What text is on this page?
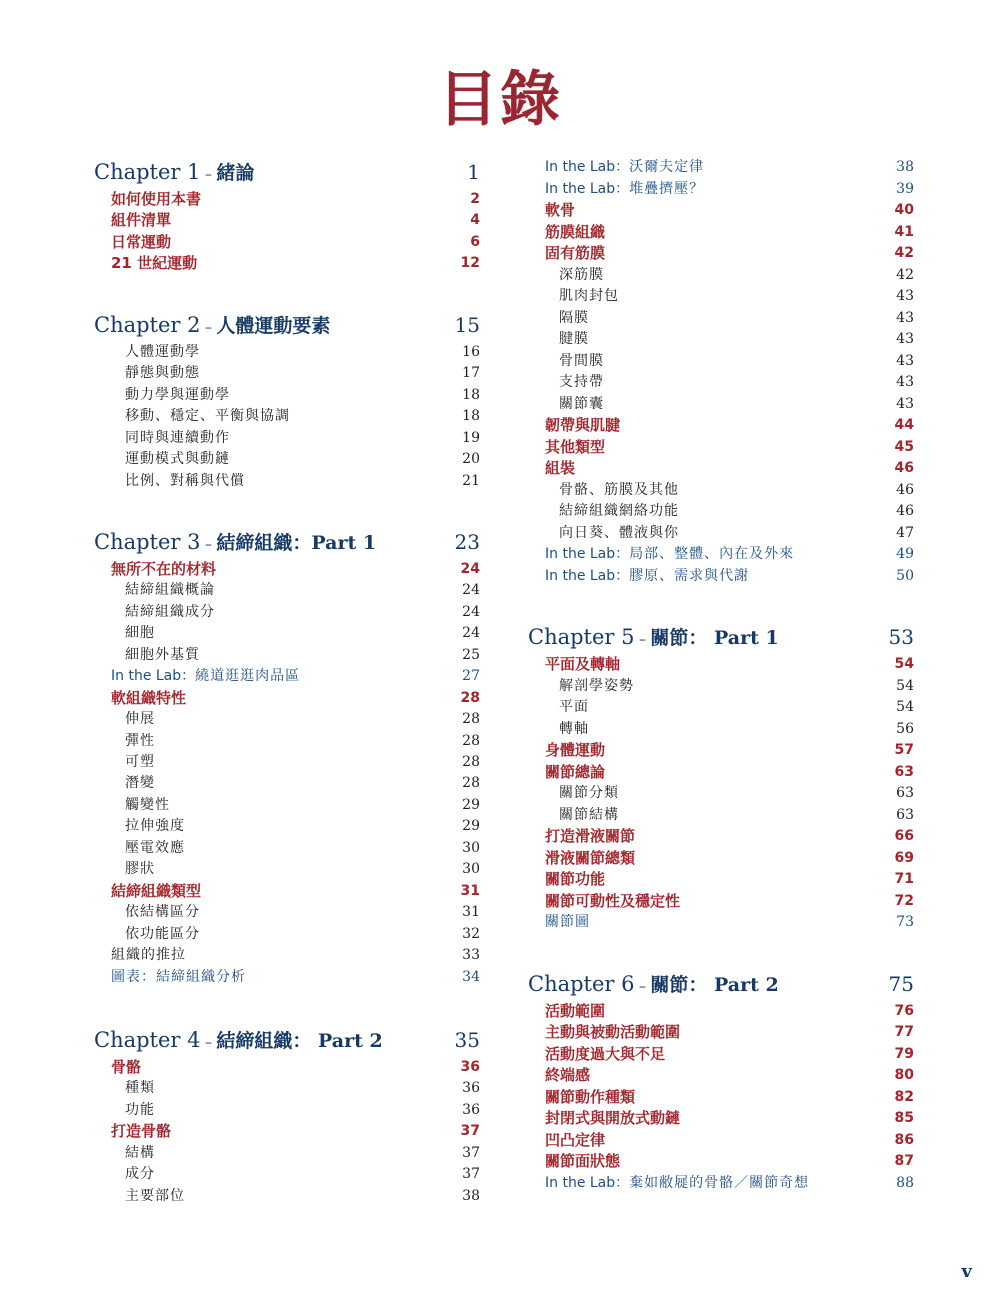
目錄
Chapter 1 – 緒論	1
如何使用本書	2
組件清單	4
日常運動	6
21 世紀運動	12
Chapter 2 – 人體運動要素	15
人體運動學	16
靜態與動態	17
動力學與運動學	18
移動、穩定、平衡與協調	18
同時與連續動作	19
運動模式與動鏈	20
比例、對稱與代償	21
Chapter 3 – 結締組織：Part 1	23
無所不在的材料	24
結締組織概論	24
結締組織成分	24
細胞	24
細胞外基質	25
In the Lab：繞道逛逛肉品區	27
軟組織特性	28
伸展	28
彈性	28
可塑	28
潛變	28
觸變性	29
拉伸強度	29
壓電效應	30
膠狀	30
結締組織類型	31
依結構區分	31
依功能區分	32
組織的推拉	33
圖表：結締組織分析	34
Chapter 4 – 結締組織： Part 2	35
骨骼	36
種類	36
功能	36
打造骨骼	37
結構	37
成分	37
主要部位	38
In the Lab：沃爾夫定律	38
In the Lab：堆疊擠壓？	39
軟骨	40
筋膜組織	41
固有筋膜	42
深筋膜	42
肌肉封包	43
隔膜	43
腱膜	43
骨間膜	43
支持帶	43
關節囊	43
韌帶與肌腱	44
其他類型	45
組裝	46
骨骼、筋膜及其他	46
結締組織網絡功能	46
向日葵、體液與你	47
In the Lab：局部、整體、內在及外來	49
In the Lab：膠原、需求與代謝	50
Chapter 5 – 關節： Part 1	53
平面及轉軸	54
解剖學姿勢	54
平面	54
轉軸	56
身體運動	57
關節總論	63
關節分類	63
關節結構	63
打造滑液關節	66
滑液關節總類	69
關節功能	71
關節可動性及穩定性	72
關節圖	73
Chapter 6 – 關節： Part 2	75
活動範圍	76
主動與被動活動範圍	77
活動度過大與不足	79
終端感	80
關節動作種類	82
封閉式與開放式動鏈	85
凹凸定律	86
關節面狀態	87
In the Lab：棄如敝屣的骨骼／關節奇想	88
v
